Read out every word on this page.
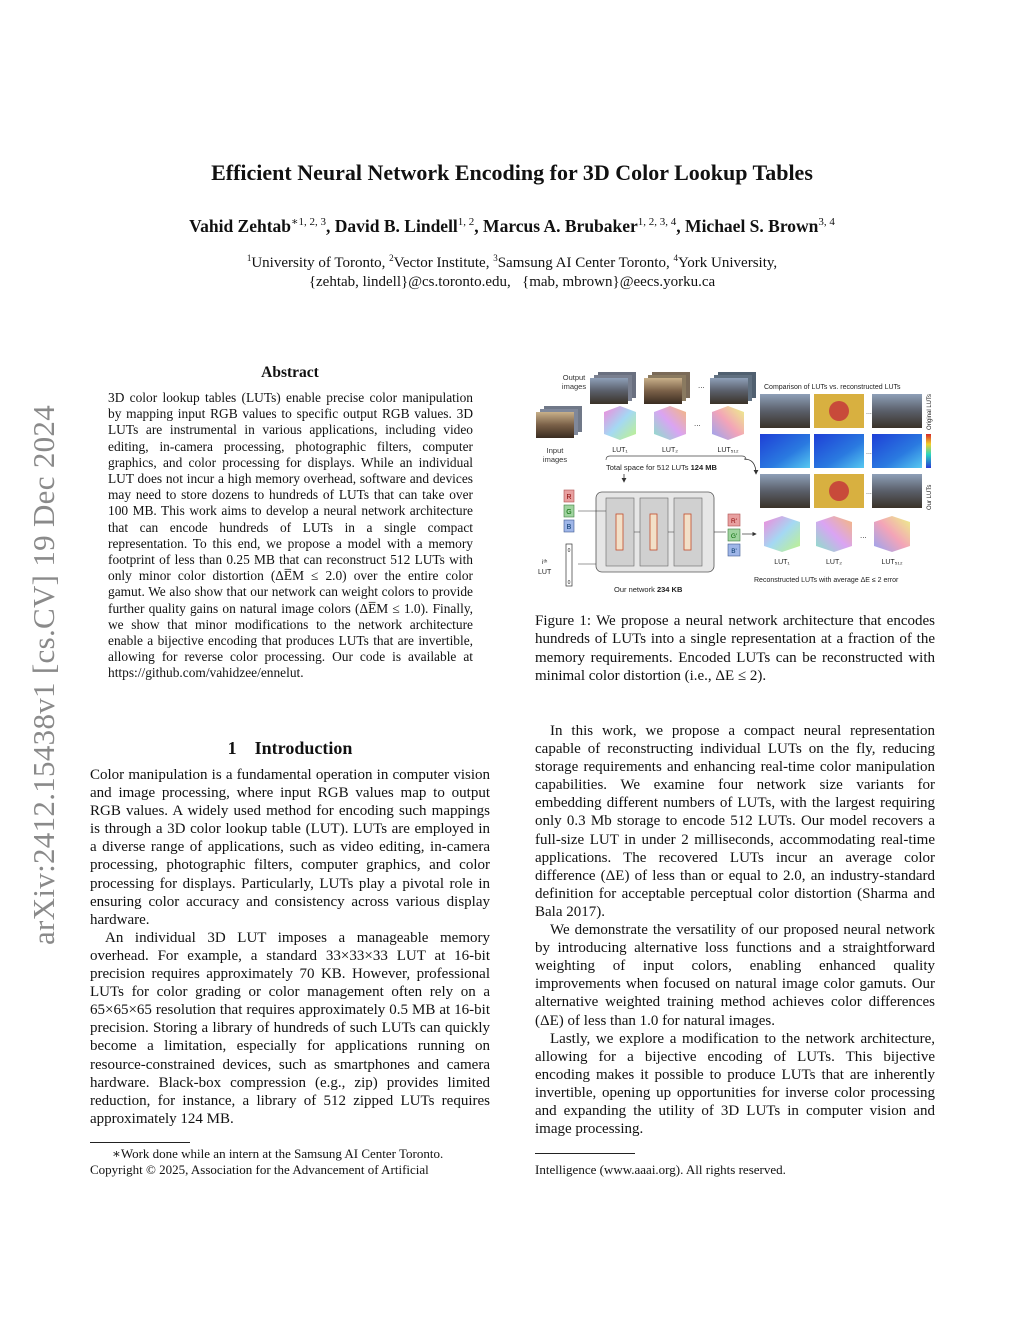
arXiv:2412.15438v1 [cs.CV] 19 Dec 2024
Efficient Neural Network Encoding for 3D Color Lookup Tables
Vahid Zehtab$^{∗1, 2, 3}$, David B. Lindell$^{1, 2}$, Marcus A. Brubaker$^{1, 2, 3, 4}$, Michael S. Brown$^{3, 4}$
$^1$University of Toronto, $^2$Vector Institute, $^3$Samsung AI Center Toronto, $^4$York University,
{zehtab, lindell}@cs.toronto.edu,   {mab, mbrown}@eecs.yorku.ca
Abstract
3D color lookup tables (LUTs) enable precise color manipulation by mapping input RGB values to specific output RGB values. 3D LUTs are instrumental in various applications, including video editing, in-camera processing, photographic filters, computer graphics, and color processing for displays. While an individual LUT does not incur a high memory overhead, software and devices may need to store dozens to hundreds of LUTs that can take over 100 MB. This work aims to develop a neural network architecture that can encode hundreds of LUTs in a single compact representation. To this end, we propose a model with a memory footprint of less than 0.25 MB that can reconstruct 512 LUTs with only minor color distortion (ΔE̅M ≤ 2.0) over the entire color gamut. We also show that our network can weight colors to provide further quality gains on natural image colors (ΔE̅M ≤ 1.0). Finally, we show that minor modifications to the network architecture enable a bijective encoding that produces LUTs that are invertible, allowing for reverse color processing. Our code is available at https://github.com/vahidzee/ennelut.
1 Introduction

Color manipulation is a fundamental operation in computer vision and image processing, where input RGB values map to output RGB values. A widely used method for encoding such mappings is through a 3D color lookup table (LUT). LUTs are employed in a diverse range of applications, such as video editing, in-camera processing, photographic filters, computer graphics, and color processing for displays. Particularly, LUTs play a pivotal role in ensuring color accuracy and consistency across various display hardware.

An individual 3D LUT imposes a manageable memory overhead. For example, a standard 33×33×33 LUT at 16-bit precision requires approximately 70 KB. However, professional LUTs for color grading or color management often rely on a 65×65×65 resolution that requires approximately 0.5 MB at 16-bit precision. Storing a library of hundreds of such LUTs can quickly become a limitation, especially for applications running on resource-constrained devices, such as smartphones and camera hardware. Black-box compression (e.g., zip) provides limited reduction, for instance, a library of 512 zipped LUTs requires approximately 124 MB.

∗Work done while an intern at the Samsung AI Center Toronto.
Copyright © 2025, Association for the Advancement of Artificial
Output
images	...
Input
images
...
LUT₁	LUT₂	LUT₅₁₂
Total space for 512 LUTs 124 MB
R
G
B
iᵗʰ
LUT
0
0
Our network 234 KB
R'
G'
B'
Comparison of LUTs vs. reconstructed LUTs
...
...
...
Original LUTs
Our LUTs
...
LUT₁	LUT₂	LUT₅₁₂
Reconstructed LUTs with average ΔE ≤ 2 error
Figure 1: We propose a neural network architecture that encodes hundreds of LUTs into a single representation at a fraction of the memory requirements. Encoded LUTs can be reconstructed with minimal color distortion (i.e., ΔE ≤ 2).

In this work, we propose a compact neural representation capable of reconstructing individual LUTs on the fly, reducing storage requirements and enhancing real-time color manipulation capabilities. We examine four network size variants for embedding different numbers of LUTs, with the largest requiring only 0.3 Mb storage to encode 512 LUTs. Our model recovers a full-size LUT in under 2 milliseconds, accommodating real-time applications. The recovered LUTs incur an average color difference (ΔE) of less than or equal to 2.0, an industry-standard definition for acceptable perceptual color distortion (Sharma and Bala 2017).

We demonstrate the versatility of our proposed neural network by introducing alternative loss functions and a straightforward weighting of input colors, enabling enhanced quality improvements when focused on natural image color gamuts. Our alternative weighted training method achieves color differences (ΔE) of less than 1.0 for natural images.

Lastly, we explore a modification to the network architecture, allowing for a bijective encoding of LUTs. This bijective encoding makes it possible to produce LUTs that are inherently invertible, opening up opportunities for inverse color processing and expanding the utility of 3D LUTs in computer vision and image processing.

Intelligence (www.aaai.org). All rights reserved.
